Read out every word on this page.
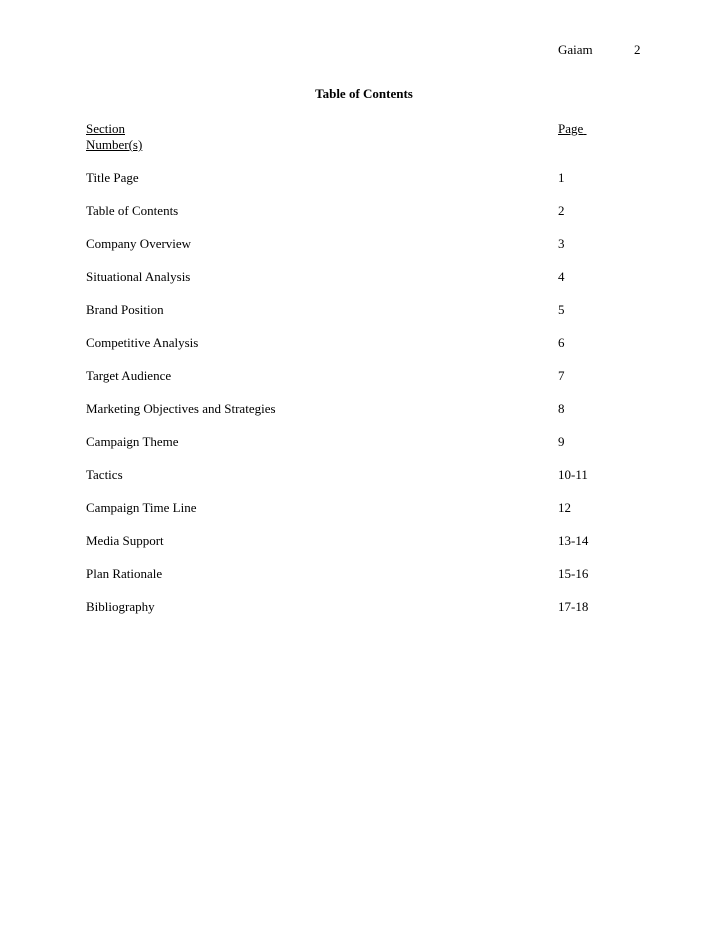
Gaiam	2
Table of Contents
Section Number(s)	Page
Title Page	1
Table of Contents	2
Company Overview	3
Situational Analysis	4
Brand Position	5
Competitive Analysis	6
Target Audience	7
Marketing Objectives and Strategies	8
Campaign Theme	9
Tactics	10-11
Campaign Time Line	12
Media Support	13-14
Plan Rationale	15-16
Bibliography	17-18
